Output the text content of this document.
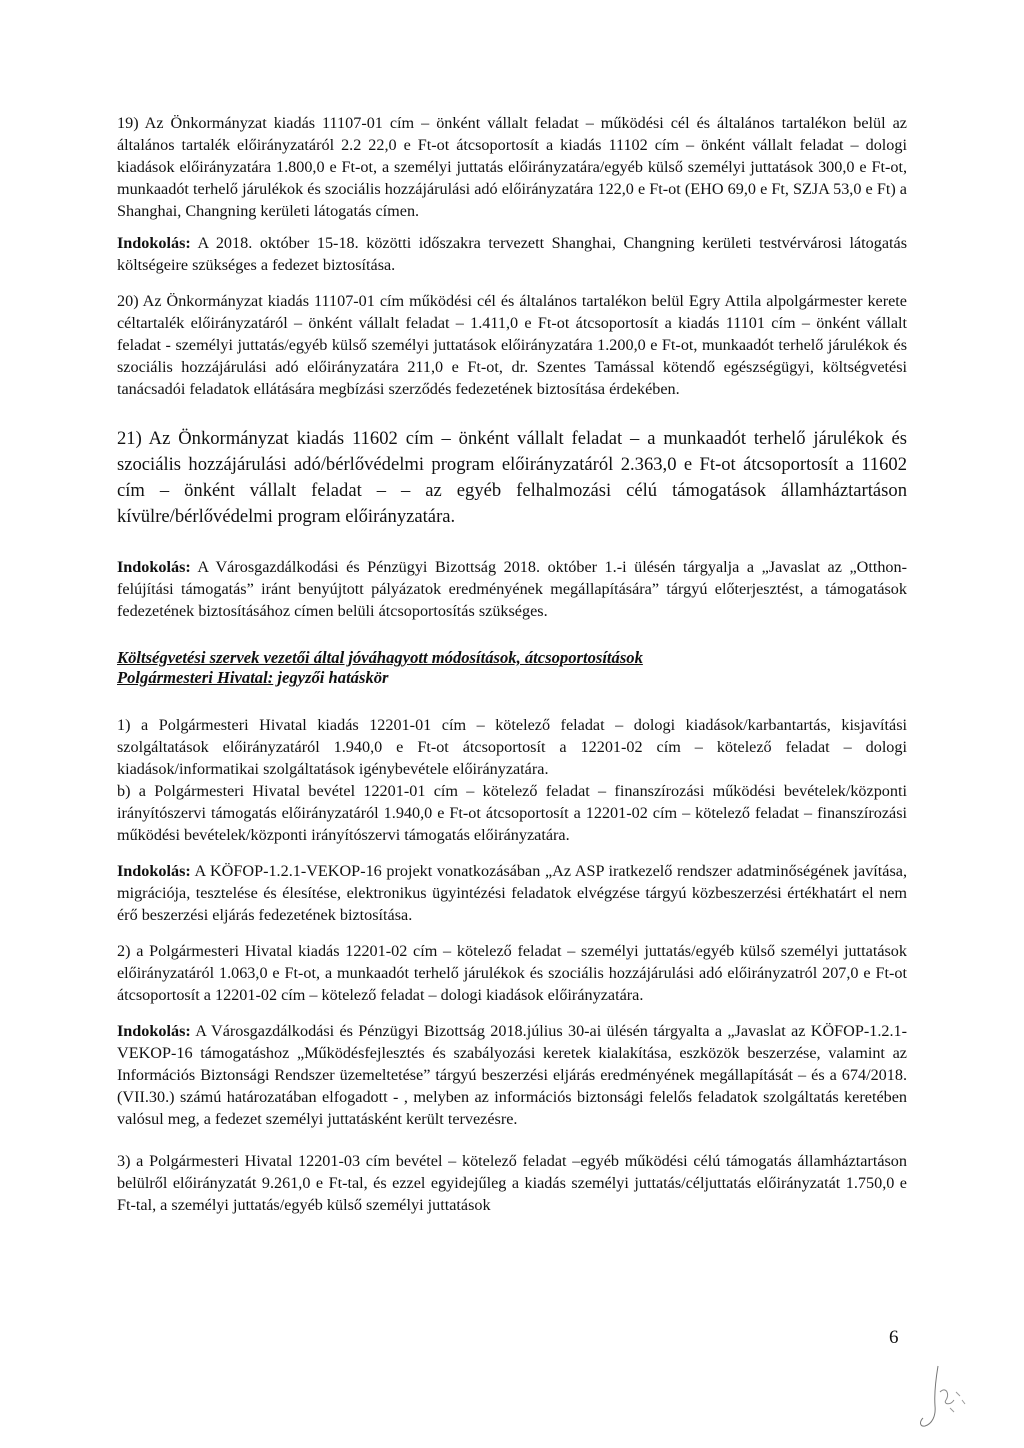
19) Az Önkormányzat kiadás 11107-01 cím – önként vállalt feladat – működési cél és általános tartalékon belül az általános tartalék előirányzatáról 2.2 22,0 e Ft-ot átcsoportosít a kiadás 11102 cím – önként vállalt feladat – dologi kiadások előirányzatára 1.800,0 e Ft-ot, a személyi juttatás előirányzatára/egyéb külső személyi juttatások 300,0 e Ft-ot, munkaadót terhelő járulékok és szociális hozzájárulási adó előirányzatára 122,0 e Ft-ot (EHO 69,0 e Ft, SZJA 53,0 e Ft) a Shanghai, Changning kerületi látogatás címen.

Indokolás: A 2018. október 15-18. közötti időszakra tervezett Shanghai, Changning kerületi testvérvárosi látogatás költségeire szükséges a fedezet biztosítása.

20) Az Önkormányzat kiadás 11107-01 cím működési cél és általános tartalékon belül Egry Attila alpolgármester kerete céltartalék előirányzatáról – önként vállalt feladat – 1.411,0 e Ft-ot átcsoportosít a kiadás 11101 cím – önként vállalt feladat - személyi juttatás/egyéb külső személyi juttatások előirányzatára 1.200,0 e Ft-ot, munkaadót terhelő járulékok és szociális hozzájárulási adó előirányzatára 211,0 e Ft-ot, dr. Szentes Tamással kötendő egészségügyi, költségvetési tanácsadói feladatok ellátására megbízási szerződés fedezetének biztosítása érdekében.

21) Az Önkormányzat kiadás 11602 cím – önként vállalt feladat – a munkaadót terhelő járulékok és szociális hozzájárulási adó/bérlővédelmi program előirányzatáról 2.363,0 e Ft-ot átcsoportosít a 11602 cím – önként vállalt feladat – – az egyéb felhalmozási célú támogatások államháztartáson kívülre/bérlővédelmi program előirányzatára.

Indokolás: A Városgazdálkodási és Pénzügyi Bizottság 2018. október 1.-i ülésén tárgyalja a „Javaslat az „Otthon-felújítási támogatás” iránt benyújtott pályázatok eredményének megállapítására” tárgyú előterjesztést, a támogatások fedezetének biztosításához címen belüli átcsoportosítás szükséges.

Költségvetési szervek vezetői által jóváhagyott módosítások, átcsoportosítások
Polgármesteri Hivatal: jegyzői hatáskör

1) a Polgármesteri Hivatal kiadás 12201-01 cím – kötelező feladat – dologi kiadások/karbantartás, kisjavítási szolgáltatások előirányzatáról 1.940,0 e Ft-ot átcsoportosít a 12201-02 cím – kötelező feladat – dologi kiadások/informatikai szolgáltatások igénybevétele előirányzatára.

b) a Polgármesteri Hivatal bevétel 12201-01 cím – kötelező feladat – finanszírozási működési bevételek/központi irányítószervi támogatás előirányzatáról 1.940,0 e Ft-ot átcsoportosít a 12201-02 cím – kötelező feladat – finanszírozási működési bevételek/központi irányítószervi támogatás előirányzatára.

Indokolás: A KÖFOP-1.2.1-VEKOP-16 projekt vonatkozásában „Az ASP iratkezelő rendszer adatminőségének javítása, migrációja, tesztelése és élesítése, elektronikus ügyintézési feladatok elvégzése tárgyú közbeszerzési értékhatárt el nem érő beszerzési eljárás fedezetének biztosítása.

2) a Polgármesteri Hivatal kiadás 12201-02 cím – kötelező feladat – személyi juttatás/egyéb külső személyi juttatások előirányzatáról 1.063,0 e Ft-ot, a munkaadót terhelő járulékok és szociális hozzájárulási adó előirányzatról 207,0 e Ft-ot átcsoportosít a 12201-02 cím – kötelező feladat – dologi kiadások előirányzatára.

Indokolás: A Városgazdálkodási és Pénzügyi Bizottság 2018.július 30-ai ülésén tárgyalta a „Javaslat az KÖFOP-1.2.1-VEKOP-16 támogatáshoz „Működésfejlesztés és szabályozási keretek kialakítása, eszközök beszerzése, valamint az Információs Biztonsági Rendszer üzemeltetése” tárgyú beszerzési eljárás eredményének megállapítását – és a 674/2018. (VII.30.) számú határozatában elfogadott - , melyben az információs biztonsági felelős feladatok szolgáltatás keretében valósul meg, a fedezet személyi juttatásként került tervezésre.

3) a Polgármesteri Hivatal 12201-03 cím bevétel – kötelező feladat –egyéb működési célú támogatás államháztartáson belülről előirányzatát 9.261,0 e Ft-tal, és ezzel egyidejűleg a kiadás személyi juttatás/céljuttatás előirányzatát 1.750,0 e Ft-tal, a személyi juttatás/egyéb külső személyi juttatások

6
